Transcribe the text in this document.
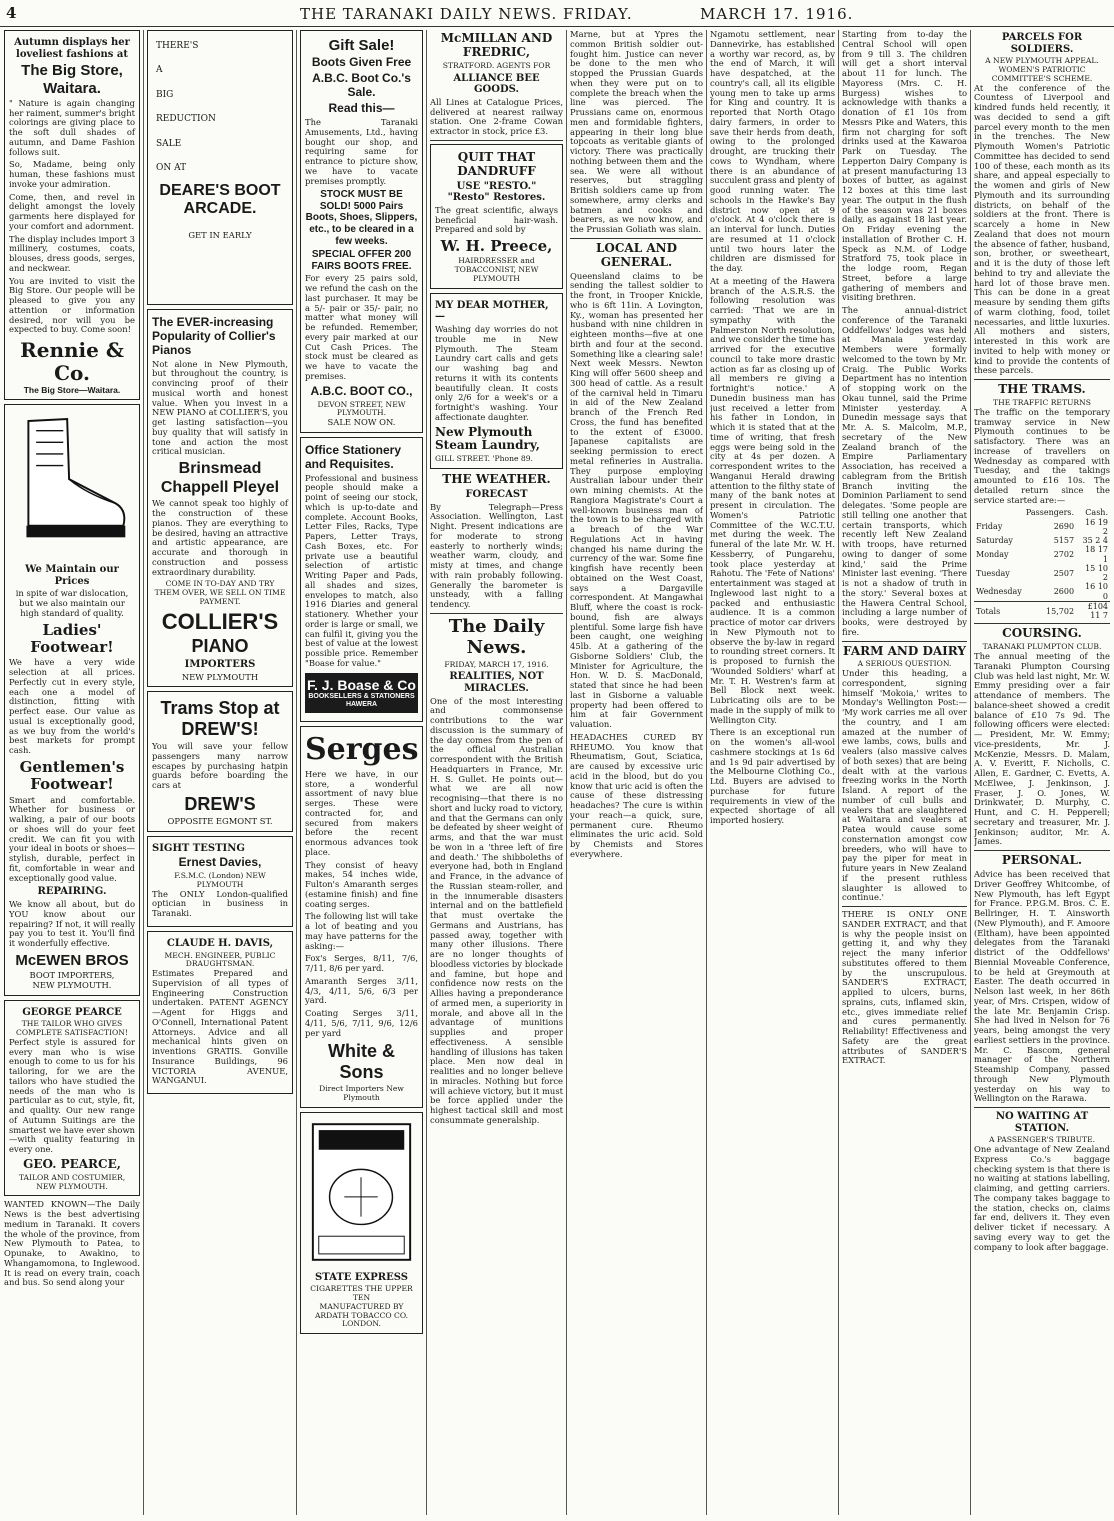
4	THE TARANAKI DAILY NEWS. FRIDAY.	MARCH 17. 1916.
Autumn displays her loveliest fashions at
The Big Store, Waitara.

" Nature is again changing her raiment, summer's bright colorings are giving place to the soft dull shades of autumn, and Dame Fashion follows suit.

So, Madame, being only human, these fashions must invoke your admiration.

Come, then, and revel in delight amongst the lovely garments here displayed for your comfort and adornment.

The display includes import 3 millinery, costumes, coats, blouses, dress goods, serges, and neckwear.

You are invited to visit the Big Store. Our people will be pleased to give you any attention or information desired, nor will you be expected to buy. Come soon!

Rennie & Co.
The Big Store—Waitara.
We Maintain our Prices

in spite of war dislocation, but we also maintain our high standard of quality.

Ladies' Footwear!

We have a very wide selection at all prices. Perfectly cut in every style, each one a model of distinction, fitting with perfect ease. Our value as usual is exceptionally good, as we buy from the world's best markets for prompt cash.

Gentlemen's Footwear!

Smart and comfortable. Whether for business or walking, a pair of our boots or shoes will do your feet credit. We can fit you with your ideal in boots or shoes—stylish, durable, perfect in fit, comfortable in wear and exceptionally good value.

REPAIRING.

We know all about, but do YOU know about our repairing? If not, it will really pay you to test it. You'll find it wonderfully effective.

McEWEN BROS
BOOT IMPORTERS,
NEW PLYMOUTH.
GEORGE PEARCE
THE TAILOR WHO GIVES COMPLETE SATISFACTION!

Perfect style is assured for every man who is wise enough to come to us for his tailoring, for we are the tailors who have studied the needs of the man who is particular as to cut, style, fit, and quality. Our new range of Autumn Suitings are the smartest we have ever shown—with quality featuring in every one.

GEO. PEARCE,
TAILOR AND COSTUMIER, NEW PLYMOUTH.

WANTED KNOWN—The Daily News is the best advertising medium in Taranaki. It covers the whole of the province, from New Plymouth to Patea, to Opunake, to Awakino, to Whangamomona, to Inglewood. It is read on every train, coach and bus. So send along your

THERE'S
A
BIG
REDUCTION
SALE
ON AT
DEARE'S BOOT ARCADE.
GET IN EARLY
The EVER-increasing Popularity of Collier's Pianos

Not alone in New Plymouth, but throughout the country, is convincing proof of their musical worth and honest value. When you invest in a NEW PIANO at COLLIER'S, you get lasting satisfaction—you buy quality that will satisfy in tone and action the most critical musician.

Brinsmead Chappell Pleyel

We cannot speak too highly of the construction of these pianos. They are everything to be desired, having an attractive and artistic appearance, are accurate and thorough in construction and possess extraordinary durability.

COME IN TO-DAY AND TRY THEM OVER, WE SELL ON TIME PAYMENT.
COLLIER'S
PIANO
IMPORTERS
NEW PLYMOUTH
Trams Stop at DREW'S!

You will save your fellow passengers many narrow escapes by purchasing hatpin guards before boarding the cars at

DREW'S
OPPOSITE EGMONT ST.
SIGHT TESTING
Ernest Davies,
F.S.M.C. (London) NEW PLYMOUTH

The ONLY London-qualified optician in business in Taranaki.

CLAUDE H. DAVIS,
MECH. ENGINEER, PUBLIC DRAUGHTSMAN.

Estimates Prepared and Supervision of all types of Engineering Construction undertaken. PATENT AGENCY—Agent for Higgs and O'Connell, International Patent Attorneys. Advice and all mechanical hints given on inventions GRATIS. Gonville Insurance Buildings, 96 VICTORIA AVENUE, WANGANUI.

Gift Sale!
Boots Given Free
A.B.C. Boot Co.'s Sale.
Read this—

The Taranaki Amusements, Ltd., having bought our shop, and requiring same for entrance to picture show, we have to vacate premises promptly.

STOCK MUST BE SOLD! 5000 Pairs Boots, Shoes, Slippers, etc., to be cleared in a few weeks.
SPECIAL OFFER 200 FAIRS BOOTS FREE.

For every 25 pairs sold, we refund the cash on the last purchaser. It may be a 5/- pair or 35/- pair, no matter what money will be refunded. Remember, every pair marked at our Cut Cash Prices. The stock must be cleared as we have to vacate the premises.

A.B.C. BOOT CO.,
DEVON STREET, NEW PLYMOUTH.
SALE NOW ON.
Office Stationery and Requisites.

Professional and business people should make a point of seeing our stock, which is up-to-date and complete. Account Books, Letter Files, Racks, Type Papers, Letter Trays, Cash Boxes, etc. For private use a beautiful selection of artistic Writing Paper and Pads, all shades and sizes, envelopes to match, also 1916 Diaries and general stationery. Whether your order is large or small, we can fulfil it, giving you the best of value at the lowest possible price. Remember "Boase for value."

F. J. Boase & Co
BOOKSELLERS & STATIONERS HAWERA
Serges

Here we have, in our store, a wonderful assortment of navy blue serges. These were contracted for, and secured from makers before the recent enormous advances took place.

They consist of heavy makes, 54 inches wide, Fulton's Amaranth serges (estamine finish) and fine coating serges.

The following list will take a lot of beating and you may have patterns for the asking:—

Fox's Serges, 8/11, 7/6, 7/11, 8/6 per yard.

Amaranth Serges 3/11, 4/3, 4/11, 5/6, 6/3 per yard.

Coating Serges 3/11, 4/11, 5/6, 7/11, 9/6, 12/6 per yard

White & Sons
Direct Importers New Plymouth
STATE EXPRESS
CIGARETTES THE UPPER TEN
MANUFACTURED BY ARDATH TOBACCO CO. LONDON.
McMILLAN AND FREDRIC,
STRATFORD. AGENTS FOR
ALLIANCE BEE GOODS.

All Lines at Catalogue Prices, delivered at nearest railway station. One 2-frame Cowan extractor in stock, price £3.

QUIT THAT DANDRUFF
USE "RESTO." "Resto" Restores.

The great scientific, always beneficial hair-wash. Prepared and sold by

W. H. Preece,
HAIRDRESSER and TOBACCONIST, NEW PLYMOUTH
MY DEAR MOTHER,—

Washing day worries do not trouble me in New Plymouth. The Steam Laundry cart calls and gets our washing bag and returns it with its contents beautifully clean. It costs only 2/6 for a week's or a fortnight's washing. Your affectionate daughter.

New Plymouth Steam Laundry,
GILL STREET. 'Phone 89.
THE WEATHER.
FORECAST

By Telegraph—Press Association. Wellington, Last Night. Present indications are for moderate to strong easterly to northerly winds; weather warm, cloudy, and misty at times, and change with rain probably following. Generally the barometer is unsteady, with a falling tendency.

The Daily News.
FRIDAY, MARCH 17, 1916.
REALITIES, NOT MIRACLES.

One of the most interesting and commonsense contributions to the war discussion is the summary of the day comes from the pen of the official Australian correspondent with the British Headquarters in France, Mr. H. S. Gullet. He points out—what we are all now recognising—that there is no short and lucky road to victory, and that the Germans can only be defeated by sheer weight of arms, and that the war must be won in a 'three left of fire and death.' The shibboleths of everyone had, both in England and France, in the advance of the Russian steam-roller, and in the innumerable disasters internal and on the battlefield that must overtake the Germans and Austrians, has passed away, together with many other illusions. There are no longer thoughts of bloodless victories by blockade and famine, but hope and confidence now rests on the Allies having a preponderance of armed men, a superiority in morale, and above all in the advantage of munitions supplies and proper effectiveness. A sensible handling of illusions has taken place. Men now deal in realities and no longer believe in miracles. Nothing but force will achieve victory, but it must be force applied under the highest tactical skill and most consummate generalship.

Marne, but at Ypres the common British soldier out-fought him. Justice can never be done to the men who stopped the Prussian Guards when they were put on to complete the breach when the line was pierced. The Prussians came on, enormous men and formidable fighters, appearing in their long blue topcoats as veritable giants of victory. There was practically nothing between them and the sea. We were all without reserves, but straggling British soldiers came up from somewhere, army clerks and batmen and cooks and bearers, as we now know, and the Prussian Goliath was slain.

LOCAL AND GENERAL.

Queensland claims to be sending the tallest soldier to the front, in Trooper Knickle, who is 6ft 11in. A Lovington, Ky., woman has presented her husband with nine children in eighteen months—five at one birth and four at the second. Something like a clearing sale! Next week Messrs. Newton King will offer 5600 sheep and 300 head of cattle. As a result of the carnival held in Timaru in aid of the New Zealand branch of the French Red Cross, the fund has benefited to the extent of £3000. Japanese capitalists are seeking permission to erect metal refineries in Australia. They purpose employing Australian labour under their own mining chemists. At the Rangiora Magistrate's Court a well-known business man of the town is to be charged with a breach of the War Regulations Act in having changed his name during the currency of the war. Some fine kingfish have recently been obtained on the West Coast, says a Dargaville correspondent. At Mangawhai Bluff, where the coast is rock-bound, fish are always plentiful. Some large fish have been caught, one weighing 45lb. At a gathering of the Gisborne Soldiers' Club, the Minister for Agriculture, the Hon. W. D. S. MacDonald, stated that since he had been last in Gisborne a valuable property had been offered to him at fair Government valuation.

HEADACHES CURED BY RHEUMO. You know that Rheumatism, Gout, Sciatica, are caused by excessive uric acid in the blood, but do you know that uric acid is often the cause of these distressing headaches? The cure is within your reach—a quick, sure, permanent cure. Rheumo eliminates the uric acid. Sold by Chemists and Stores everywhere.

Ngamotu settlement, near Dannevirke, has established a worthy war record, as, by the end of March, it will have despatched, at the country's call, all its eligible young men to take up arms for King and country. It is reported that North Otago dairy farmers, in order to save their herds from death, owing to the prolonged drought, are trucking their cows to Wyndham, where there is an abundance of succulent grass and plenty of good running water. The schools in the Hawke's Bay district now open at 9 o'clock. At 4 o'clock there is an interval for lunch. Duties are resumed at 11 o'clock until two hours later the children are dismissed for the day.

At a meeting of the Hawera branch of the A.S.R.S. the following resolution was carried: 'That we are in sympathy with the Palmerston North resolution, and we consider the time has arrived for the executive council to take more drastic action as far as closing up of all members re giving a fortnight's notice.' A Dunedin business man has just received a letter from his father in London, in which it is stated that at the time of writing, that fresh eggs were being sold in the city at 4s per dozen. A correspondent writes to the Wanganui Herald drawing attention to the filthy state of many of the bank notes at present in circulation. The Women's Patriotic Committee of the W.C.T.U. met during the week. The funeral of the late Mr. W. H. Kessberry, of Pungarehu, took place yesterday at Rahotu. The 'Fete of Nations' entertainment was staged at Inglewood last night to a packed and enthusiastic audience. It is a common practice of motor car drivers in New Plymouth not to observe the by-law in regard to rounding street corners. It is proposed to furnish the 'Wounded Soldiers' wharf at Mr. T. H. Westren's farm at Bell Block next week. Lubricating oils are to be made in the supply of milk to Wellington City.

There is an exceptional run on the women's all-wool cashmere stockings at 1s 6d and 1s 9d pair advertised by the Melbourne Clothing Co., Ltd. Buyers are advised to purchase for future requirements in view of the expected shortage of all imported hosiery.

Starting from to-day the Central School will open from 9 till 3. The children will get a short interval about 11 for lunch. The Mayoress (Mrs. C. H. Burgess) wishes to acknowledge with thanks a donation of £1 10s from Messrs Pike and Waters, this firm not charging for soft drinks used at the Kawaroa Park on Tuesday. The Lepperton Dairy Company is at present manufacturing 13 boxes of butter, as against 12 boxes at this time last year. The output in the flush of the season was 21 boxes daily, as against 18 last year. On Friday evening the installation of Brother C. H. Speck as N.M. of Lodge Stratford 75, took place in the lodge room, Regan Street, before a large gathering of members and visiting brethren.

The annual-district conference of the Taranaki Oddfellows' lodges was held at Manaia yesterday. Members were formally welcomed to the town by Mr. Craig. The Public Works Department has no intention of stopping work on the Okau tunnel, said the Prime Minister yesterday. A Dunedin message says that Mr. A. S. Malcolm, M.P., secretary of the New Zealand branch of the Empire Parliamentary Association, has received a cablegram from the British Branch inviting the Dominion Parliament to send delegates. 'Some people are still telling one another that certain transports, which recently left New Zealand with troops, have returned owing to danger of some kind,' said the Prime Minister last evening. 'There is not a shadow of truth in the story.' Several boxes at the Hawera Central School, including a large number of books, were destroyed by fire.

FARM AND DAIRY
A SERIOUS QUESTION.

Under this heading, a correspondent, signing himself 'Mokoia,' writes to Monday's Wellington Post:— 'My work carries me all over the country, and I am amazed at the number of ewe lambs, cows, bulls and vealers (also massive calves of both sexes) that are being dealt with at the various freezing works in the North Island. A report of the number of cull bulls and vealers that are slaughtered at Waitara and vealers at Patea would cause some consternation amongst cow breeders, who will have to pay the piper for meat in future years in New Zealand if the present ruthless slaughter is allowed to continue.'

THERE IS ONLY ONE SANDER EXTRACT, and that is why the people insist on getting it, and why they reject the many inferior substitutes offered to them by the unscrupulous. SANDER'S EXTRACT, applied to ulcers, burns, sprains, cuts, inflamed skin, etc., gives immediate relief and cures permanently. Reliability! Effectiveness and Safety are the great attributes of SANDER'S EXTRACT.

PARCELS FOR SOLDIERS.
A NEW PLYMOUTH APPEAL.
WOMEN'S PATRIOTIC COMMITTEE'S SCHEME.

At the conference of the Countess of Liverpool and kindred funds held recently, it was decided to send a gift parcel every month to the men in the trenches. The New Plymouth Women's Patriotic Committee has decided to send 100 of these, each month as its share, and appeal especially to the women and girls of New Plymouth and its surrounding districts, on behalf of the soldiers at the front. There is scarcely a home in New Zealand that does not mourn the absence of father, husband, son, brother, or sweetheart, and it is the duty of those left behind to try and alleviate the hard lot of those brave men. This can be done in a great measure by sending them gifts of warm clothing, food, toilet necessaries, and little luxuries. All mothers and sisters, interested in this work are invited to help with money or kind to provide the contents of these parcels.

THE TRAMS.
THE TRAFFIC RETURNS

The traffic on the temporary tramway service in New Plymouth continues to be satisfactory. There was an increase of travellers on Wednesday as compared with Tuesday, and the takings amounted to £16 10s. The detailed return since the service started are:—

	Passengers.	Cash.
Friday	2690	16 19 2
Saturday	5157	35 2 4
Monday	2702	18 17 1
Tuesday	2507	15 10 2
Wednesday	2600	16 10 0
Totals	15,702	£104 11 7
COURSING.
TARANAKI PLUMPTON CLUB.

The annual meeting of the Taranaki Plumpton Coursing Club was held last night, Mr. W. Emmy presiding over a fair attendance of members. The balance-sheet showed a credit balance of £10 7s 9d. The following officers were elected:— President, Mr. W. Emmy; vice-presidents, Mr. J. McKenzie, Messrs. D. Malam, A. V. Everitt, F. Nicholls, C. Allen, E. Gardner, C. Evetts, A. McElwee, J. Jenkinson, J. Fraser, J. O. Jones, W. Drinkwater, D. Murphy, C. Hunt, and C. H. Pepperell; secretary and treasurer, Mr. J. Jenkinson; auditor, Mr. A. James.

PERSONAL.

Advice has been received that Driver Geoffrey Whitcombe, of New Plymouth, has left Egypt for France. P.P.G.M. Bros. C. E. Bellringer, H. T. Ainsworth (New Plymouth), and F. Amoore (Eltham), have been appointed delegates from the Taranaki district of the Oddfellows' Biennial Moveable Conference, to be held at Greymouth at Easter. The death occurred in Nelson last week, in her 86th year, of Mrs. Crispen, widow of the late Mr. Benjamin Crisp. She had lived in Nelson for 76 years, being amongst the very earliest settlers in the province. Mr. C. Bascom, general manager of the Northern Steamship Company, passed through New Plymouth yesterday on his way to Wellington on the Rarawa.

NO WAITING AT STATION.
A PASSENGER'S TRIBUTE.

One advantage of New Zealand Express Co.'s baggage checking system is that there is no waiting at stations labelling, claiming, and getting carriers. The company takes baggage to the station, checks on, claims far end, delivers it. They even deliver ticket if necessary. A saving every way to get the company to look after baggage.
